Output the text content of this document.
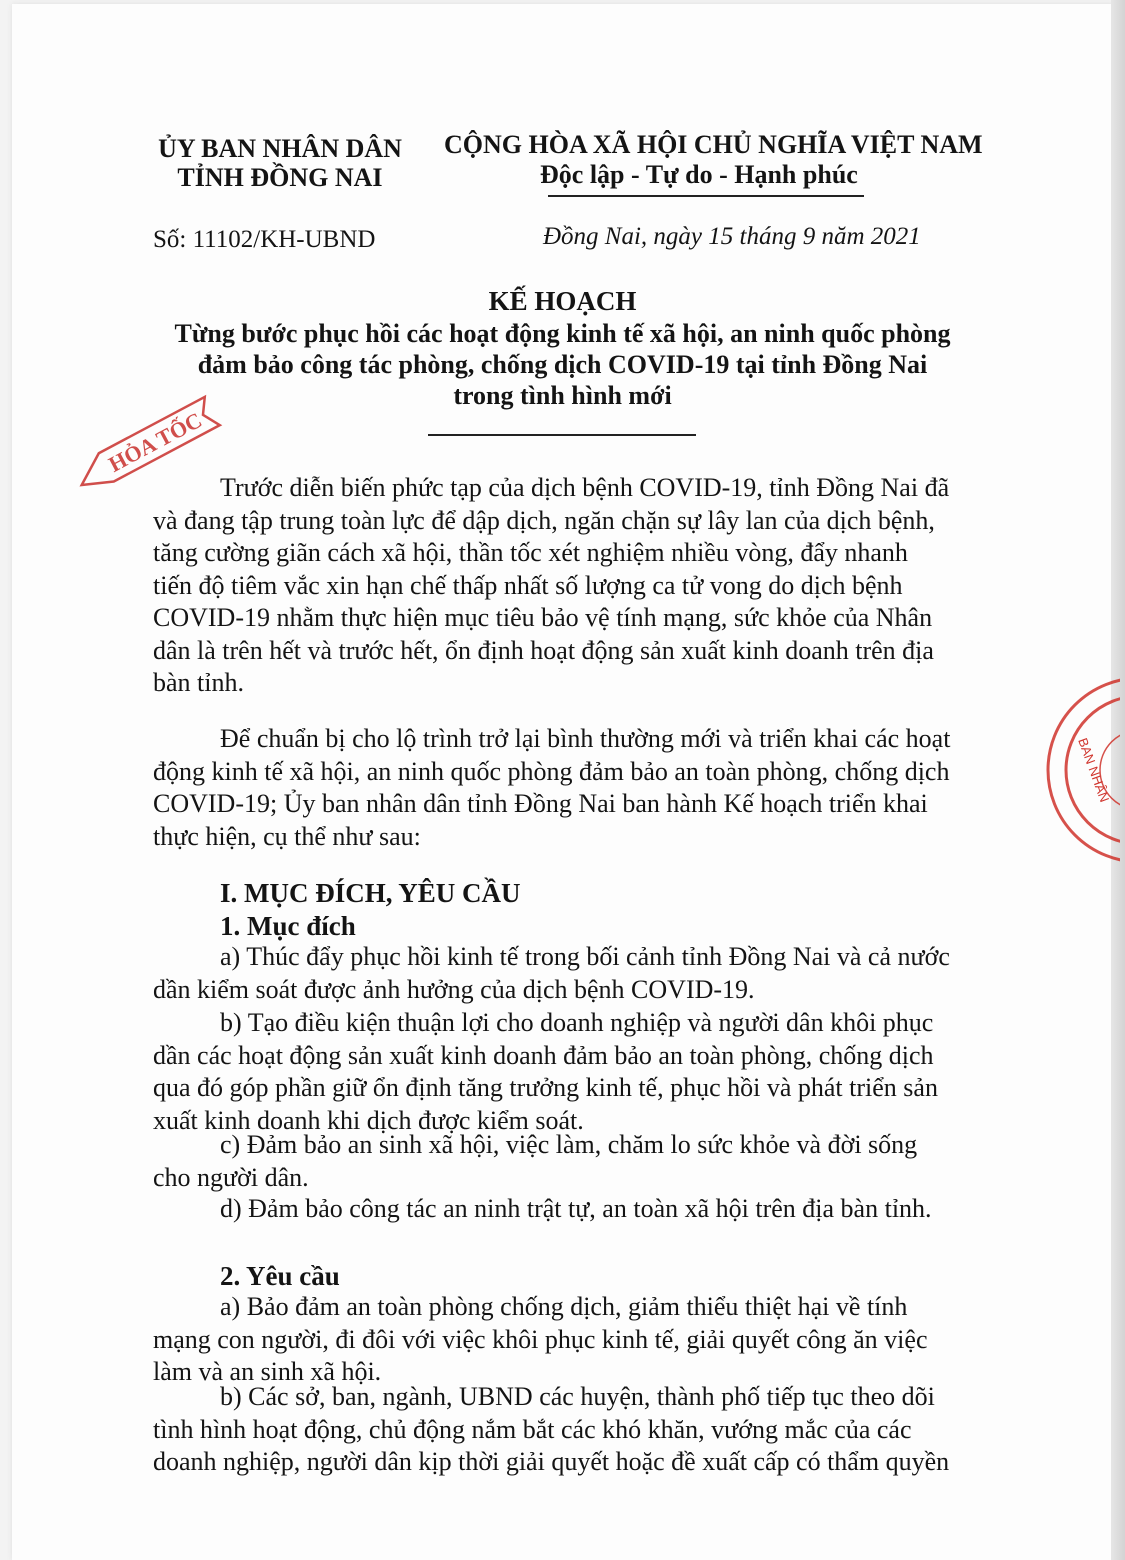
ỦY BAN NHÂN DÂN
TỈNH ĐỒNG NAI
CỘNG HÒA XÃ HỘI CHỦ NGHĨA VIỆT NAM
Độc lập - Tự do - Hạnh phúc
Số: 11102/KH-UBND	Đồng Nai, ngày 15 tháng 9 năm 2021
KẾ HOẠCH
Từng bước phục hồi các hoạt động kinh tế xã hội, an ninh quốc phòng
đảm bảo công tác phòng, chống dịch COVID-19 tại tỉnh Đồng Nai
trong tình hình mới
HỎA TỐC
BAN NHÂN
Trước diễn biến phức tạp của dịch bệnh COVID-19, tỉnh Đồng Nai đã
và đang tập trung toàn lực để dập dịch, ngăn chặn sự lây lan của dịch bệnh,
tăng cường giãn cách xã hội, thần tốc xét nghiệm nhiều vòng, đẩy nhanh
tiến độ tiêm vắc xin hạn chế thấp nhất số lượng ca tử vong do dịch bệnh
COVID-19 nhằm thực hiện mục tiêu bảo vệ tính mạng, sức khỏe của Nhân
dân là trên hết và trước hết, ổn định hoạt động sản xuất kinh doanh trên địa
bàn tỉnh.
Để chuẩn bị cho lộ trình trở lại bình thường mới và triển khai các hoạt
động kinh tế xã hội, an ninh quốc phòng đảm bảo an toàn phòng, chống dịch
COVID-19; Ủy ban nhân dân tỉnh Đồng Nai ban hành Kế hoạch triển khai
thực hiện, cụ thể như sau:
I. MỤC ĐÍCH, YÊU CẦU
1. Mục đích
a) Thúc đẩy phục hồi kinh tế trong bối cảnh tỉnh Đồng Nai và cả nước
dần kiểm soát được ảnh hưởng của dịch bệnh COVID-19.
b) Tạo điều kiện thuận lợi cho doanh nghiệp và người dân khôi phục
dần các hoạt động sản xuất kinh doanh đảm bảo an toàn phòng, chống dịch
qua đó góp phần giữ ổn định tăng trưởng kinh tế, phục hồi và phát triển sản
xuất kinh doanh khi dịch được kiểm soát.
c) Đảm bảo an sinh xã hội, việc làm, chăm lo sức khỏe và đời sống
cho người dân.
d) Đảm bảo công tác an ninh trật tự, an toàn xã hội trên địa bàn tỉnh.
2. Yêu cầu
a) Bảo đảm an toàn phòng chống dịch, giảm thiểu thiệt hại về tính
mạng con người, đi đôi với việc khôi phục kinh tế, giải quyết công ăn việc
làm và an sinh xã hội.
b) Các sở, ban, ngành, UBND các huyện, thành phố tiếp tục theo dõi
tình hình hoạt động, chủ động nắm bắt các khó khăn, vướng mắc của các
doanh nghiệp, người dân kịp thời giải quyết hoặc đề xuất cấp có thẩm quyền
